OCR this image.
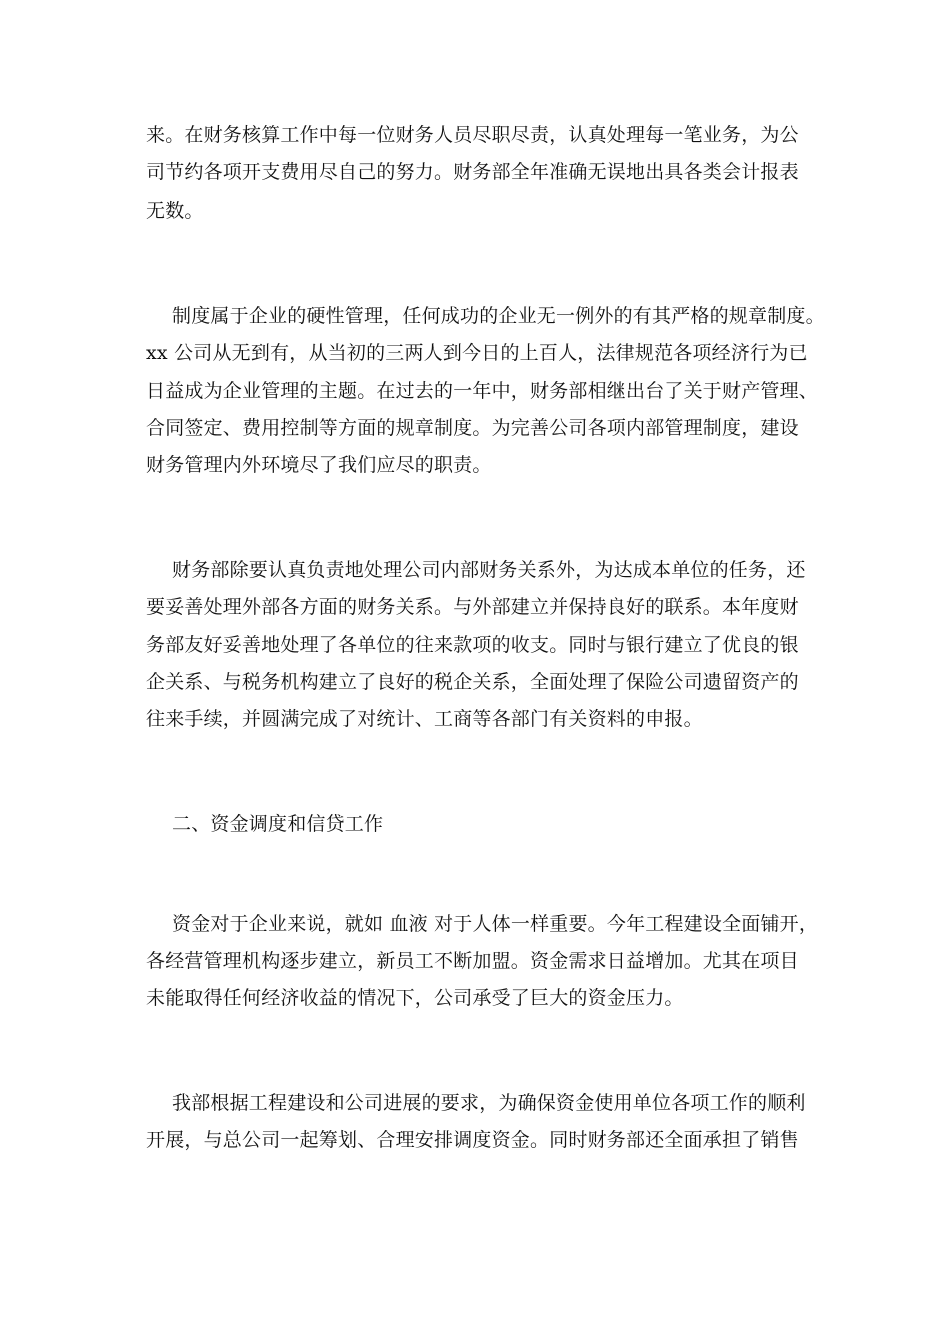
来。在财务核算工作中每一位财务人员尽职尽责，认真处理每一笔业务，为公

司节约各项开支费用尽自己的努力。财务部全年准确无误地出具各类会计报表

无数。

制度属于企业的硬性管理，任何成功的企业无一例外的有其严格的规章制度。

xx 公司从无到有，从当初的三两人到今日的上百人，法律规范各项经济行为已

日益成为企业管理的主题。在过去的一年中，财务部相继出台了关于财产管理、

合同签定、费用控制等方面的规章制度。为完善公司各项内部管理制度，建设

财务管理内外环境尽了我们应尽的职责。

财务部除要认真负责地处理公司内部财务关系外，为达成本单位的任务，还

要妥善处理外部各方面的财务关系。与外部建立并保持良好的联系。本年度财

务部友好妥善地处理了各单位的往来款项的收支。同时与银行建立了优良的银

企关系、与税务机构建立了良好的税企关系，全面处理了保险公司遗留资产的

往来手续，并圆满完成了对统计、工商等各部门有关资料的申报。

二、资金调度和信贷工作

资金对于企业来说，就如 血液 对于人体一样重要。今年工程建设全面铺开，

各经营管理机构逐步建立，新员工不断加盟。资金需求日益增加。尤其在项目

未能取得任何经济收益的情况下，公司承受了巨大的资金压力。

我部根据工程建设和公司进展的要求，为确保资金使用单位各项工作的顺利

开展，与总公司一起筹划、合理安排调度资金。同时财务部还全面承担了销售
